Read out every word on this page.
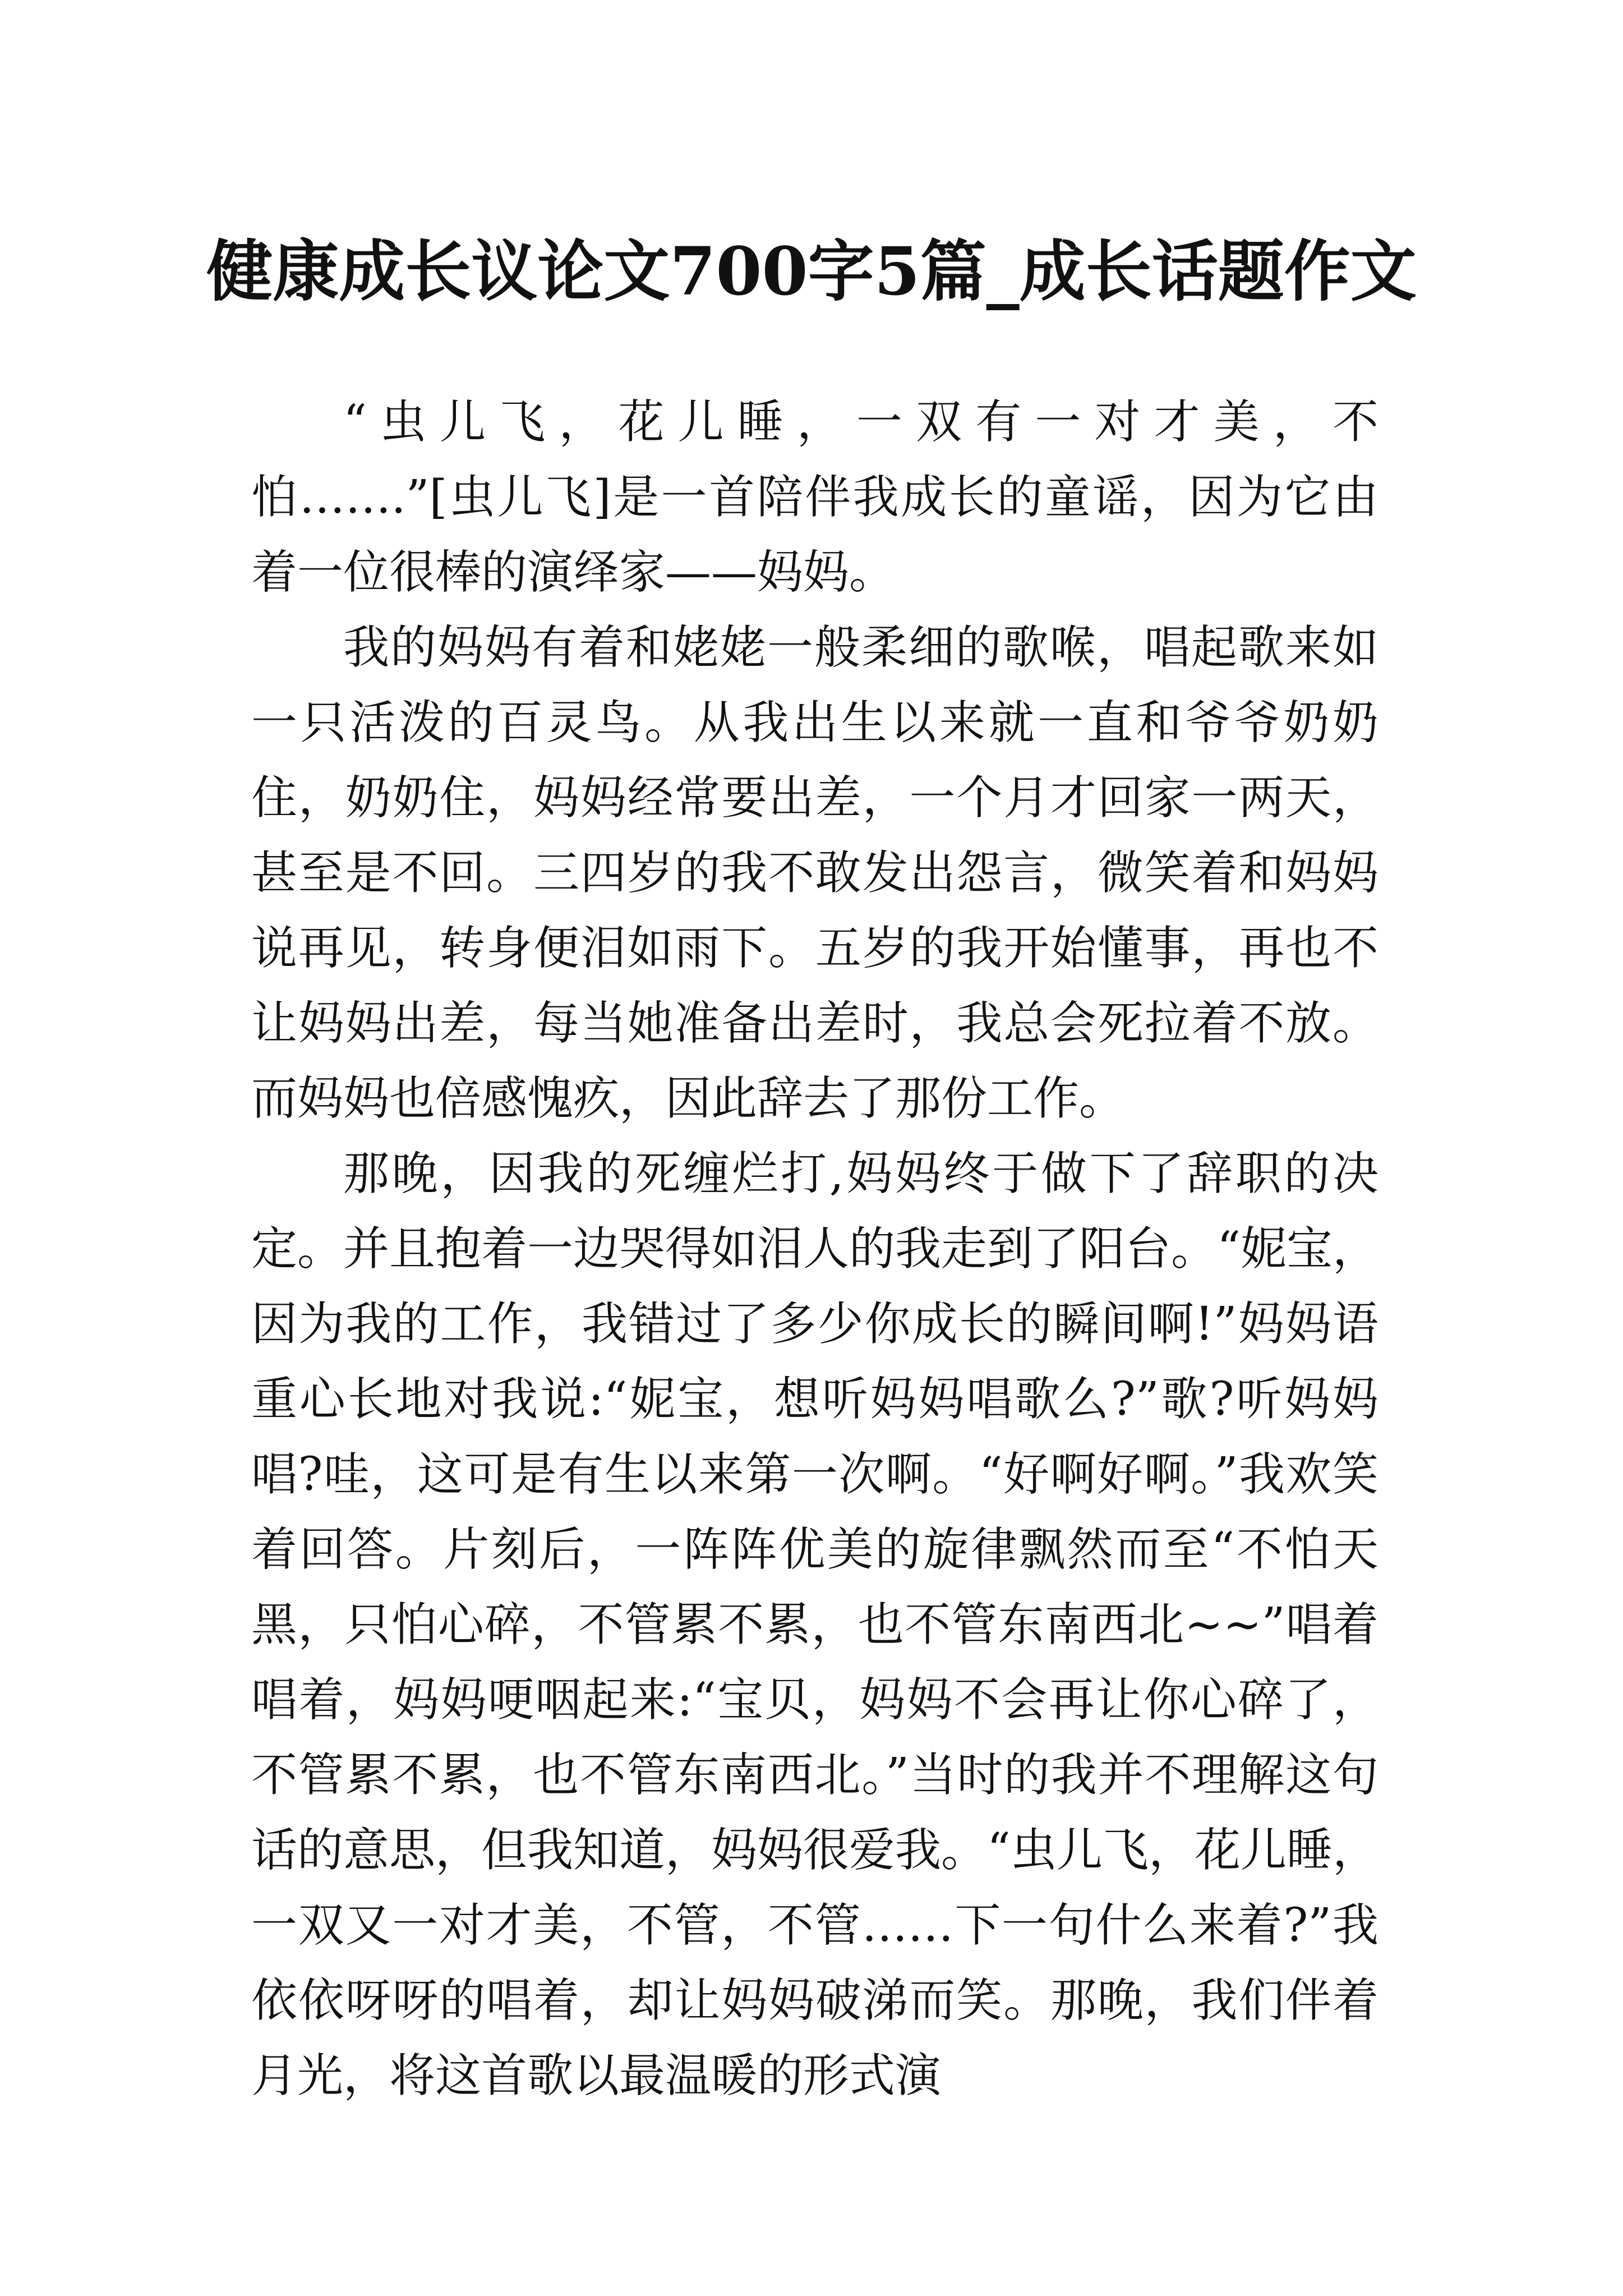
健康成长议论文700字5篇_成长话题作文

“虫儿飞，花儿睡，一双有一对才美，不怕…….”[虫儿飞]是一首陪伴我成长的童谣，因为它由着一位很棒的演绎家——妈妈。

我的妈妈有着和姥姥一般柔细的歌喉，唱起歌来如一只活泼的百灵鸟。从我出生以来就一直和爷爷奶奶住，奶奶住，妈妈经常要出差，一个月才回家一两天，甚至是不回。三四岁的我不敢发出怨言，微笑着和妈妈说再见，转身便泪如雨下。五岁的我开始懂事，再也不让妈妈出差，每当她准备出差时，我总会死拉着不放。而妈妈也倍感愧疚，因此辞去了那份工作。

那晚，因我的死缠烂打,妈妈终于做下了辞职的决定。并且抱着一边哭得如泪人的我走到了阳台。“妮宝，因为我的工作，我错过了多少你成长的瞬间啊!”妈妈语重心长地对我说:“妮宝，想听妈妈唱歌么?”歌?听妈妈唱?哇，这可是有生以来第一次啊。“好啊好啊。”我欢笑着回答。片刻后，一阵阵优美的旋律飘然而至“不怕天黑，只怕心碎，不管累不累，也不管东南西北~~”唱着唱着，妈妈哽咽起来:“宝贝，妈妈不会再让你心碎了，不管累不累，也不管东南西北。”当时的我并不理解这句话的意思，但我知道，妈妈很爱我。“虫儿飞，花儿睡，一双又一对才美，不管，不管……下一句什么来着?”我依依呀呀的唱着，却让妈妈破涕而笑。那晚，我们伴着月光，将这首歌以最温暖的形式演
